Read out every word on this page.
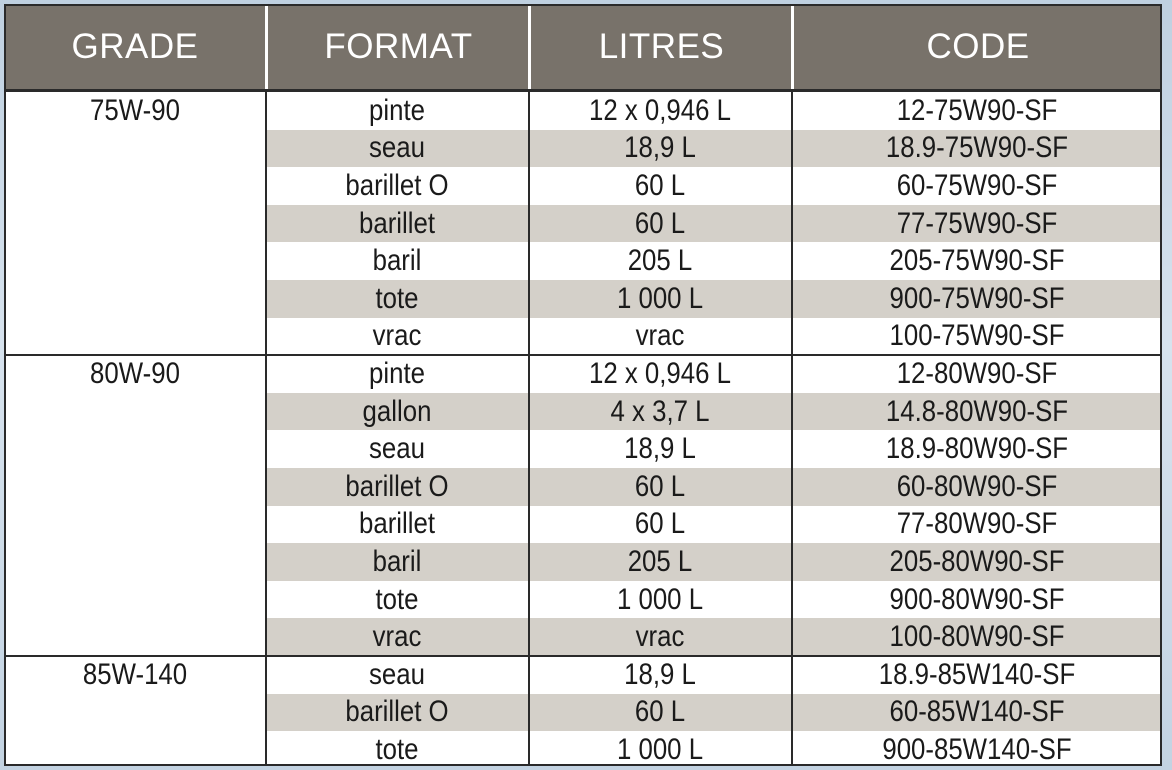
GRADE	FORMAT	LITRES	CODE
75W-90	pinte	12 x 0,946 L	12-75W90-SF
seau	18,9 L	18.9-75W90-SF
barillet O	60 L	60-75W90-SF
barillet	60 L	77-75W90-SF
baril	205 L	205-75W90-SF
tote	1 000 L	900-75W90-SF
vrac	vrac	100-75W90-SF
80W-90	pinte	12 x 0,946 L	12-80W90-SF
gallon	4 x 3,7 L	14.8-80W90-SF
seau	18,9 L	18.9-80W90-SF
barillet O	60 L	60-80W90-SF
barillet	60 L	77-80W90-SF
baril	205 L	205-80W90-SF
tote	1 000 L	900-80W90-SF
vrac	vrac	100-80W90-SF
85W-140	seau	18,9 L	18.9-85W140-SF
barillet O	60 L	60-85W140-SF
tote	1 000 L	900-85W140-SF
